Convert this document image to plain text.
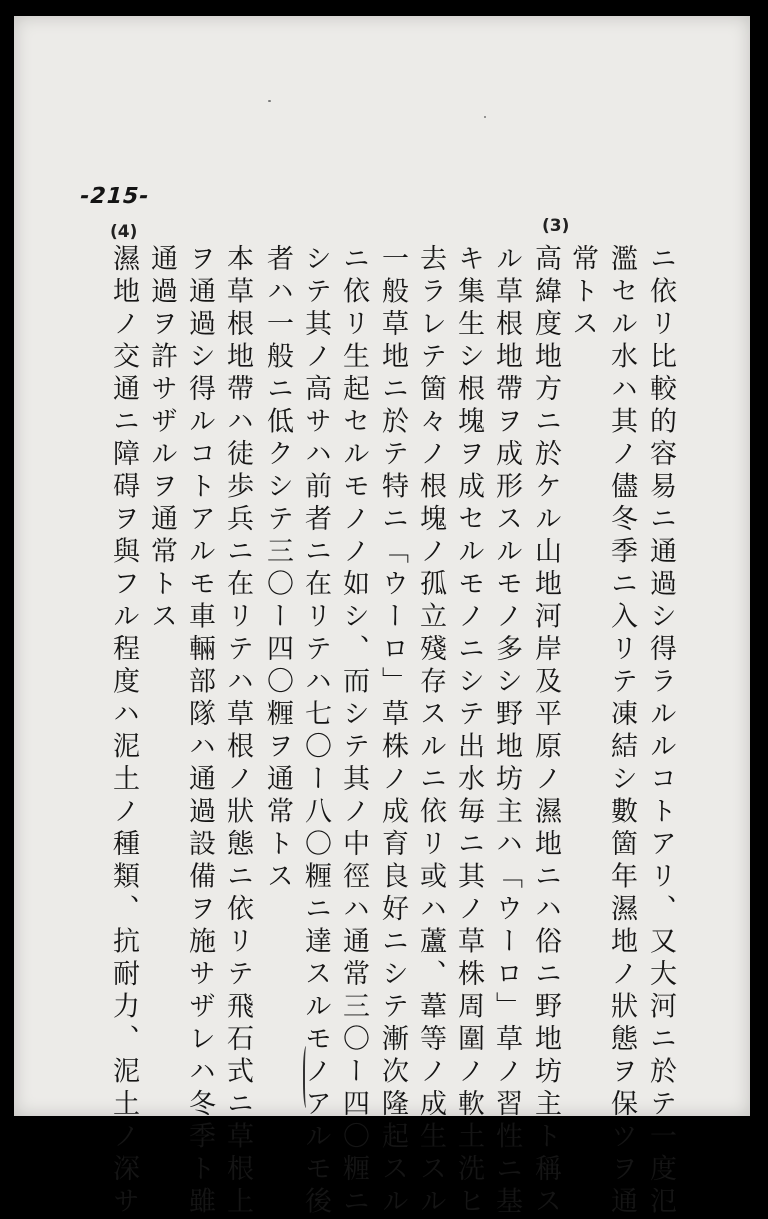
-215-
(3)
(4)
ニ依リ比較的容易ニ通過シ得ラルルコトアリ、又大河ニ於テ一度氾
濫セル水ハ其ノ儘冬季ニ入リテ凍結シ數箇年濕地ノ狀態ヲ保ツヲ通
常トス
高緯度地方ニ於ケル山地河岸及平原ノ濕地ニハ俗ニ野地坊主ト稱ス
ル草根地帶ヲ成形スルモノ多シ野地坊主ハ「ウーロ」草ノ習性ニ基
キ集生シ根塊ヲ成セルモノニシテ出水毎ニ其ノ草株周圍ノ軟土洗ヒ
去ラレテ箇々ノ根塊ノ孤立殘存スルニ依リ或ハ蘆、葦等ノ成生スル
一般草地ニ於テ特ニ「ウーロ」草株ノ成育良好ニシテ漸次隆起スル
ニ依リ生起セルモノノ如シ、而シテ其ノ中徑ハ通常三〇ー四〇糎ニ
シテ其ノ高サハ前者ニ在リテハ七〇ー八〇糎ニ達スルモノアルモ後
者ハ一般ニ低クシテ三〇ー四〇糎ヲ通常トス
本草根地帶ハ徒歩兵ニ在リテハ草根ノ狀態ニ依リテ飛石式ニ草根上
ヲ通過シ得ルコトアルモ車輛部隊ハ通過設備ヲ施サザレハ冬季ト雖
通過ヲ許サザルヲ通常トス
濕地ノ交通ニ障碍ヲ與フル程度ハ泥土ノ種類、抗耐力、泥土ノ深サ
